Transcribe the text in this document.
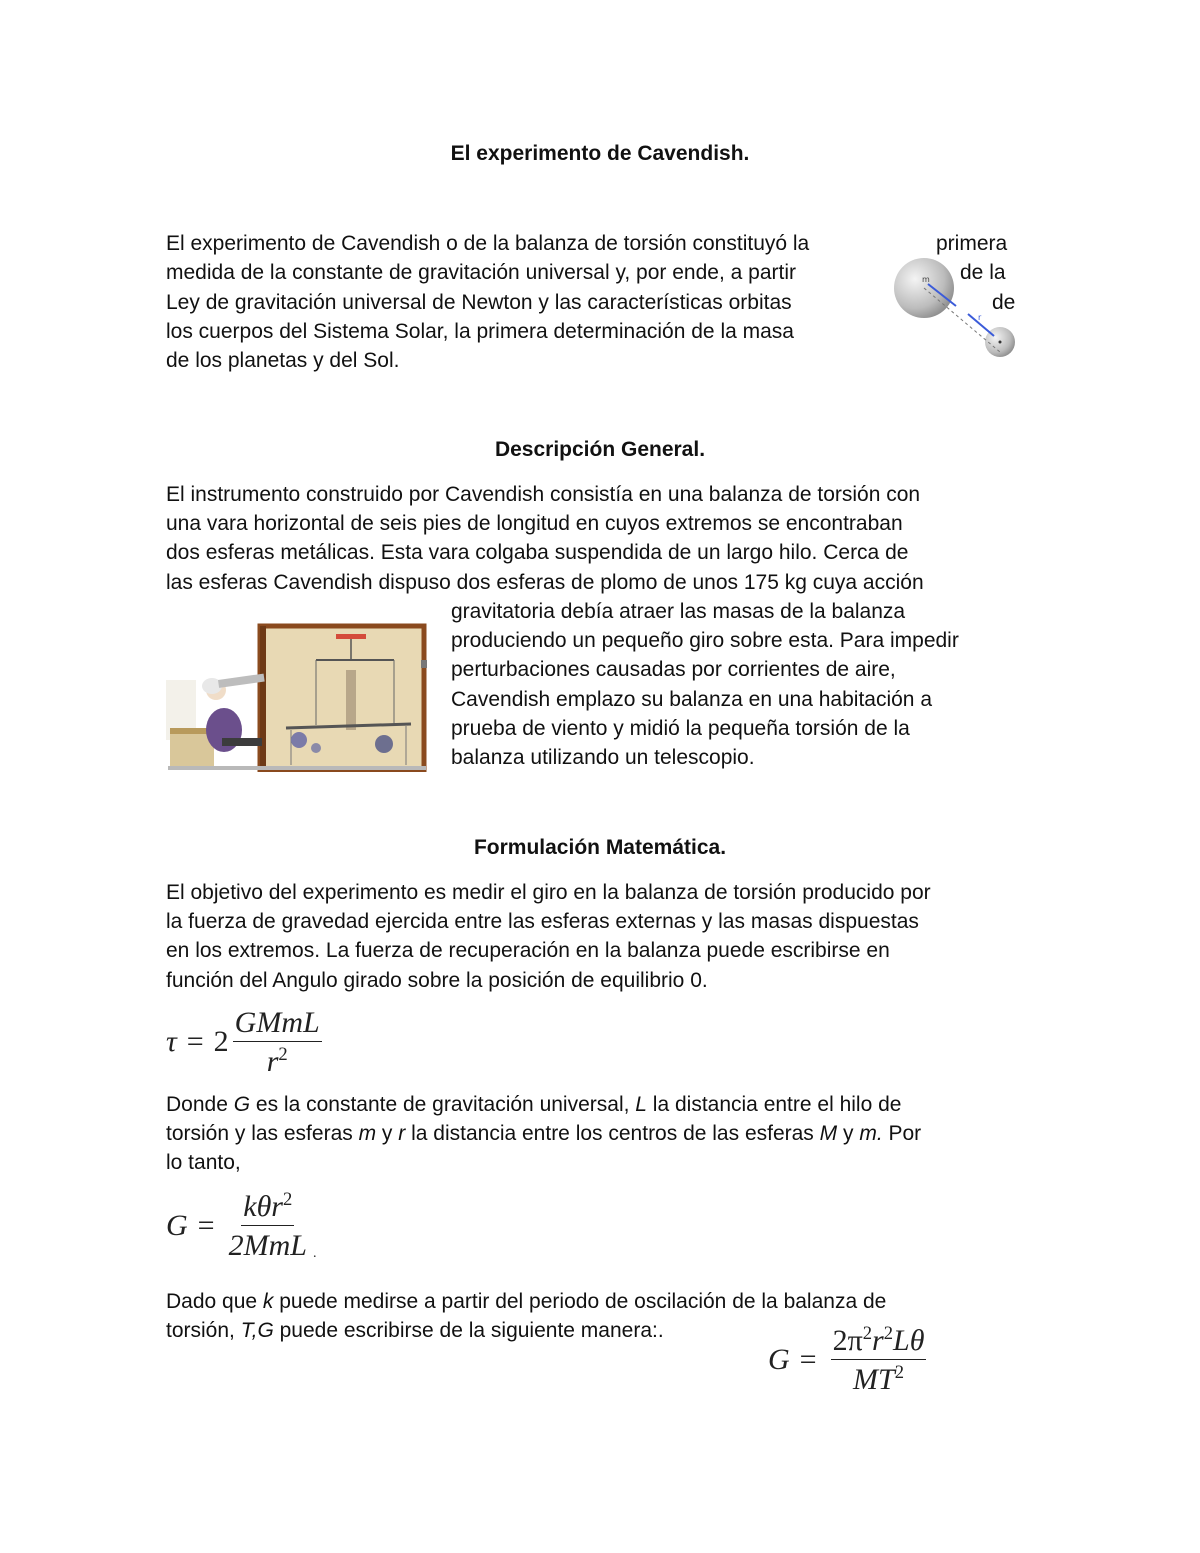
El experimento de Cavendish.

El experimento de Cavendish o de la balanza de torsión constituyó la

medida de la constante de gravitación universal y, por ende, a partir

Ley de gravitación universal de Newton y las características orbitas

los cuerpos del Sistema Solar, la primera determinación de la masa

de los planetas y del Sol.

primera

de la

de

m
r
Descripción General.

El instrumento construido por Cavendish consistía en una balanza de torsión con

una vara horizontal de seis pies de longitud en cuyos extremos se encontraban

dos esferas metálicas. Esta vara colgaba suspendida de un largo hilo. Cerca de

las esferas Cavendish dispuso dos esferas de plomo de unos 175 kg cuya acción

gravitatoria debía atraer las masas de la balanza

produciendo un pequeño giro sobre esta. Para impedir

perturbaciones causadas por corrientes de aire,

Cavendish emplazo su balanza en una habitación a

prueba de viento y midió la pequeña torsión de la

balanza utilizando un telescopio.

Formulación Matemática.

El objetivo del experimento es medir el giro en la balanza de torsión producido por

la fuerza de gravedad ejercida entre las esferas externas y las masas dispuestas

en los extremos. La fuerza de recuperación en la balanza puede escribirse en

función del Angulo girado sobre la posición de equilibrio 0.

$\tau = 2 \frac{\text{GMmL}}{r^2}$

Donde G es la constante de gravitación universal, L la distancia entre el hilo de

torsión y las esferas m y r la distancia entre los centros de las esferas M y m. Por

lo tanto,

$G = \frac{k\theta r^2}{\text{2MmL}}$ .

Dado que k puede medirse a partir del periodo de oscilación de la balanza de

torsión, T,G puede escribirse de la siguiente manera:.

$G = \frac{2\pi^2r^2L\theta}{MT^2}$
